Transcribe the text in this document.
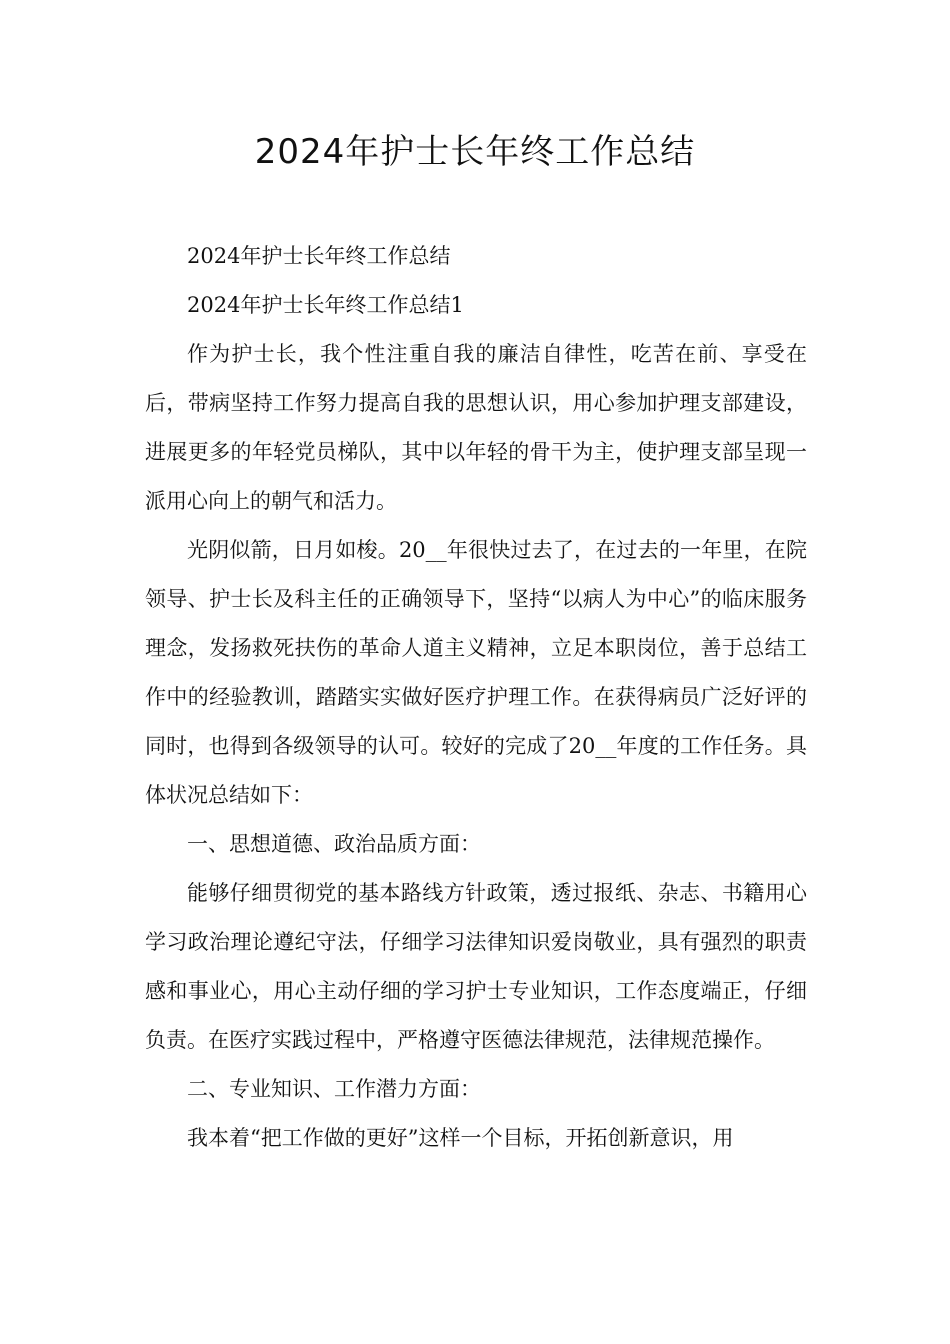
2024年护士长年终工作总结

2024年护士长年终工作总结

2024年护士长年终工作总结1

作为护士长，我个性注重自我的廉洁自律性，吃苦在前、享受在后，带病坚持工作努力提高自我的思想认识，用心参加护理支部建设，进展更多的年轻党员梯队，其中以年轻的骨干为主，使护理支部呈现一派用心向上的朝气和活力。

光阴似箭，日月如梭。20__年很快过去了，在过去的一年里，在院领导、护士长及科主任的正确领导下，坚持“以病人为中心”的临床服务理念，发扬救死扶伤的革命人道主义精神，立足本职岗位，善于总结工作中的经验教训，踏踏实实做好医疗护理工作。在获得病员广泛好评的同时，也得到各级领导的认可。较好的完成了20__年度的工作任务。具体状况总结如下：

一、思想道德、政治品质方面：

能够仔细贯彻党的基本路线方针政策，透过报纸、杂志、书籍用心学习政治理论遵纪守法，仔细学习法律知识爱岗敬业，具有强烈的职责感和事业心，用心主动仔细的学习护士专业知识，工作态度端正，仔细负责。在医疗实践过程中，严格遵守医德法律规范，法律规范操作。

二、专业知识、工作潜力方面：

我本着“把工作做的更好”这样一个目标，开拓创新意识，用
